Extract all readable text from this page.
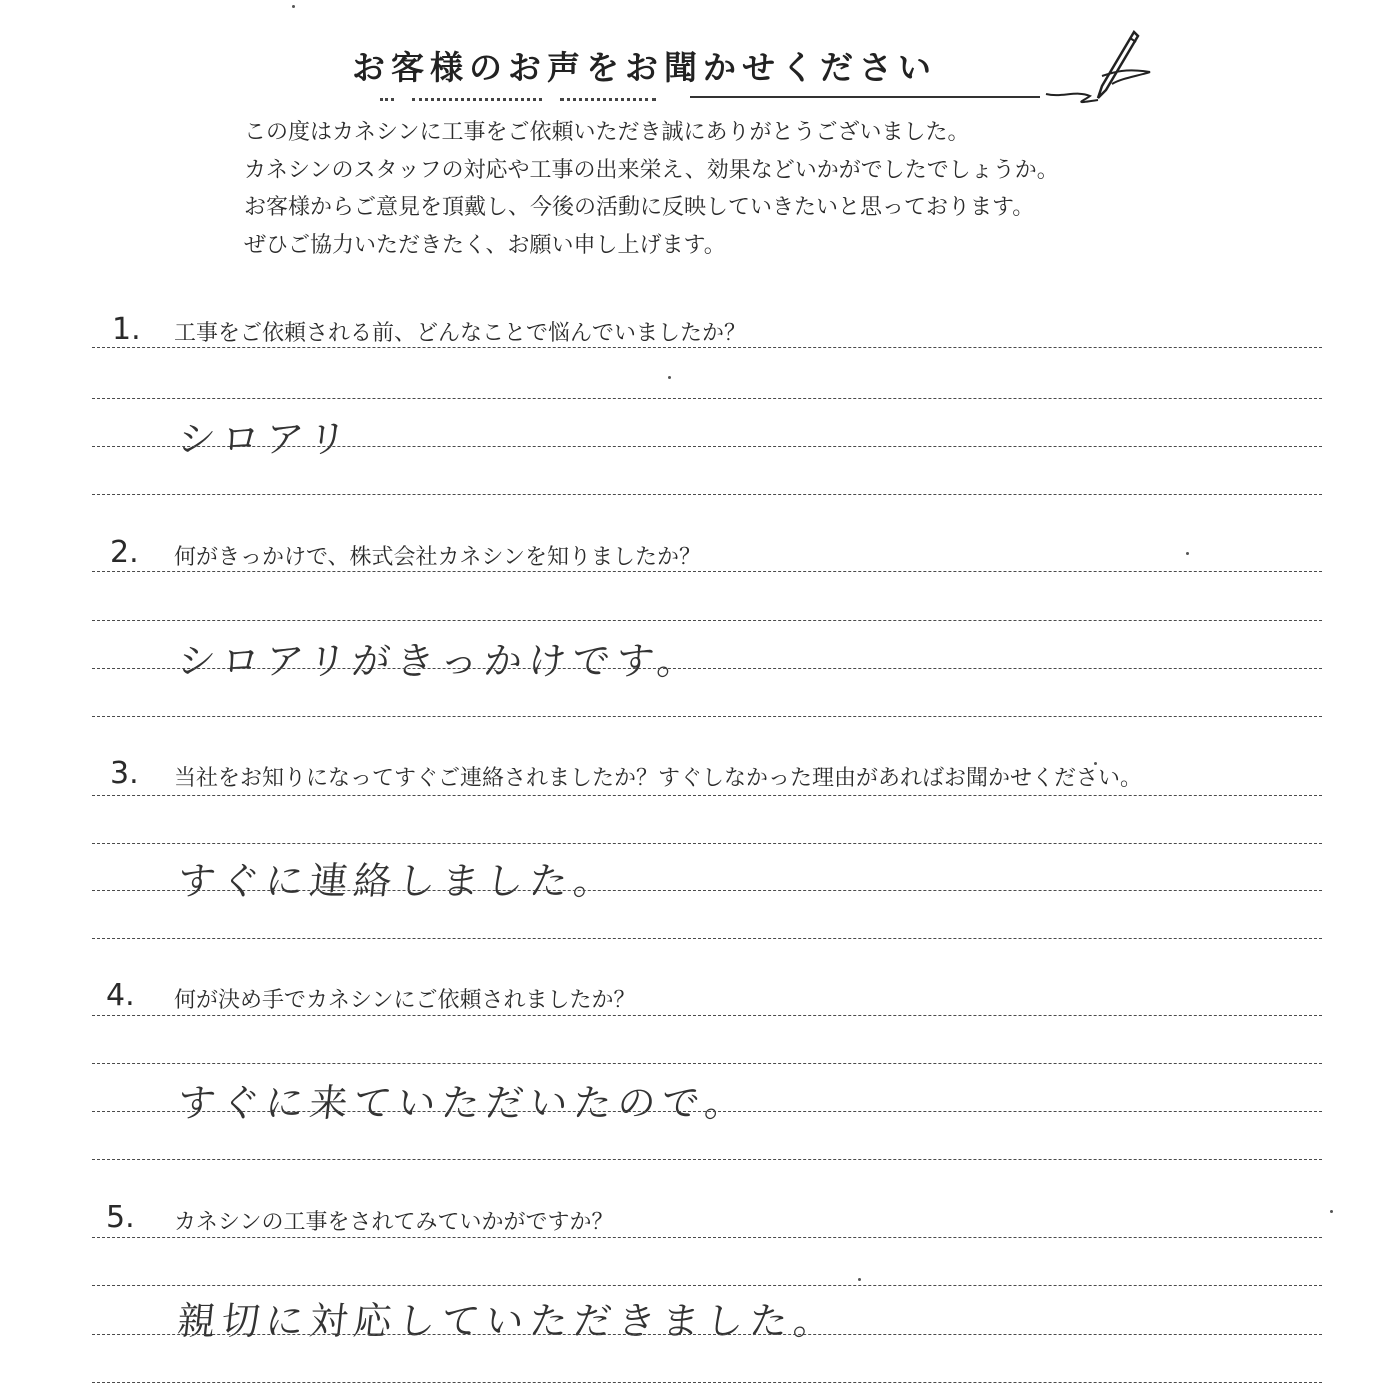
お客様のお声をお聞かせください
この度はカネシンに工事をご依頼いただき誠にありがとうございました。
カネシンのスタッフの対応や工事の出来栄え、効果などいかがでしたでしょうか。
お客様からご意見を頂戴し、今後の活動に反映していきたいと思っております。
ぜひご協力いただきたく、お願い申し上げます。
1. 工事をご依頼される前、どんなことで悩んでいましたか？
シロアリ
2. 何がきっかけで、株式会社カネシンを知りましたか？
シロアリがきっかけです。
3. 当社をお知りになってすぐご連絡されましたか？すぐしなかった理由があればお聞かせください。
すぐに連絡しました。
4. 何が決め手でカネシンにご依頼されましたか？
すぐに来ていただいたので。
5. カネシンの工事をされてみていかがですか？
親切に対応していただきました。
